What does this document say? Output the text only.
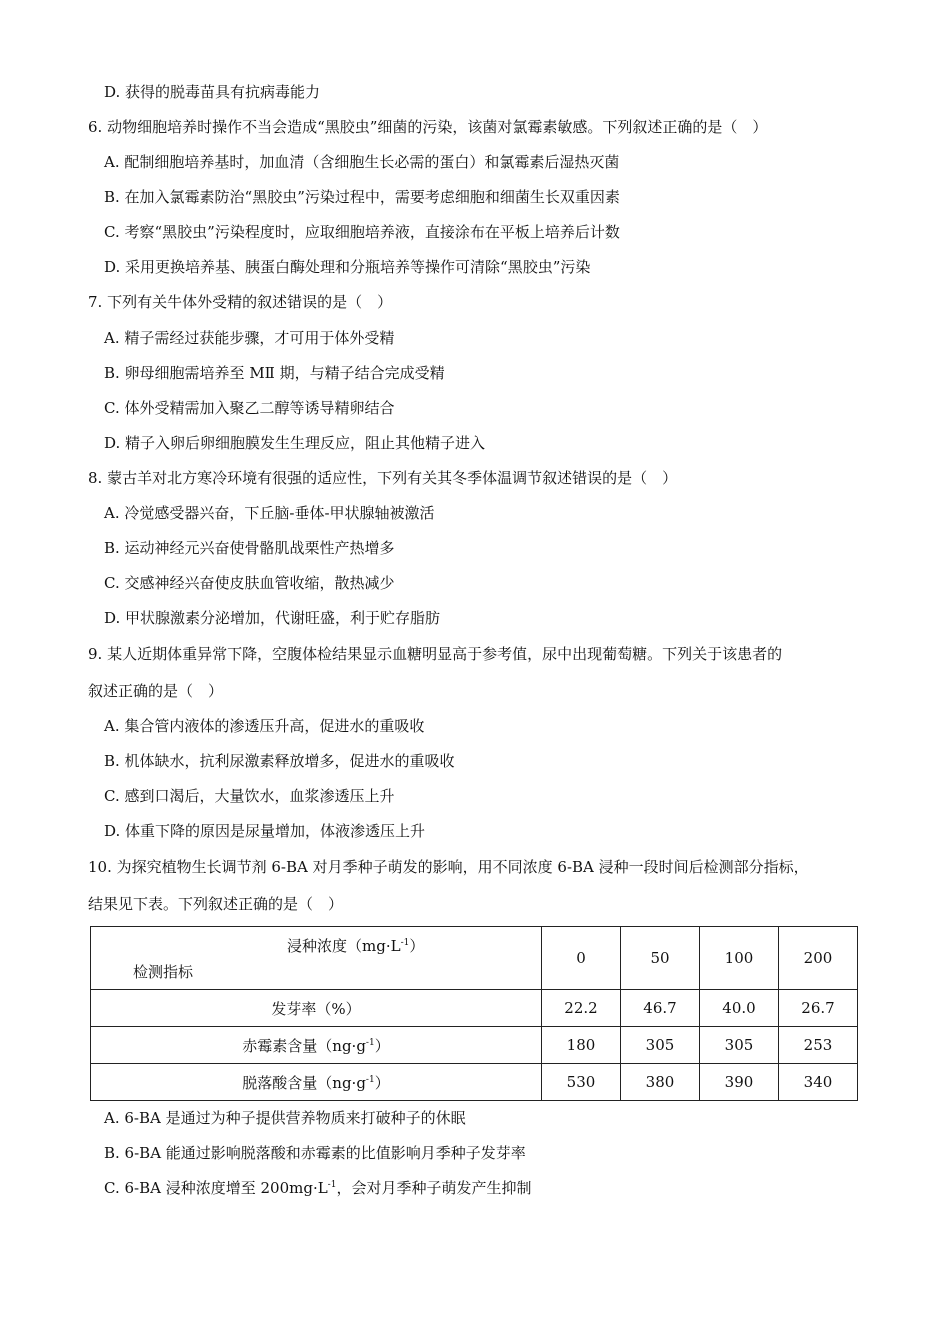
D. 获得的脱毒苗具有抗病毒能力
6. 动物细胞培养时操作不当会造成“黑胶虫”细菌的污染，该菌对氯霉素敏感。下列叙述正确的是（　）
A. 配制细胞培养基时，加血清（含细胞生长必需的蛋白）和氯霉素后湿热灭菌
B. 在加入氯霉素防治“黑胶虫”污染过程中，需要考虑细胞和细菌生长双重因素
C. 考察“黑胶虫”污染程度时，应取细胞培养液，直接涂布在平板上培养后计数
D. 采用更换培养基、胰蛋白酶处理和分瓶培养等操作可清除“黑胶虫”污染
7. 下列有关牛体外受精的叙述错误的是（　）
A. 精子需经过获能步骤，才可用于体外受精
B. 卵母细胞需培养至 MⅡ 期，与精子结合完成受精
C. 体外受精需加入聚乙二醇等诱导精卵结合
D. 精子入卵后卵细胞膜发生生理反应，阻止其他精子进入
8. 蒙古羊对北方寒冷环境有很强的适应性，下列有关其冬季体温调节叙述错误的是（　）
A. 冷觉感受器兴奋，下丘脑-垂体-甲状腺轴被激活
B. 运动神经元兴奋使骨骼肌战栗性产热增多
C. 交感神经兴奋使皮肤血管收缩，散热减少
D. 甲状腺激素分泌增加，代谢旺盛，利于贮存脂肪
9. 某人近期体重异常下降，空腹体检结果显示血糖明显高于参考值，尿中出现葡萄糖。下列关于该患者的
叙述正确的是（　）
A. 集合管内液体的渗透压升高，促进水的重吸收
B. 机体缺水，抗利尿激素释放增多，促进水的重吸收
C. 感到口渴后，大量饮水，血浆渗透压上升
D. 体重下降的原因是尿量增加，体液渗透压上升
10. 为探究植物生长调节剂 6-BA 对月季种子萌发的影响，用不同浓度 6-BA 浸种一段时间后检测部分指标，
结果见下表。下列叙述正确的是（　）
浸种浓度$(mg\cdot L^{-1})$
检测指标	0	50	100	200
发芽率（%）	22.2	46.7	40.0	26.7
赤霉素含量$(ng\cdot g^{-1})$	180	305	305	253
脱落酸含量$(ng\cdot g^{-1})$	530	380	390	340
A. 6-BA 是通过为种子提供营养物质来打破种子的休眠
B. 6-BA 能通过影响脱落酸和赤霉素的比值影响月季种子发芽率
C. 6-BA 浸种浓度增至 $200mg\cdot L^{-1}$，会对月季种子萌发产生抑制
